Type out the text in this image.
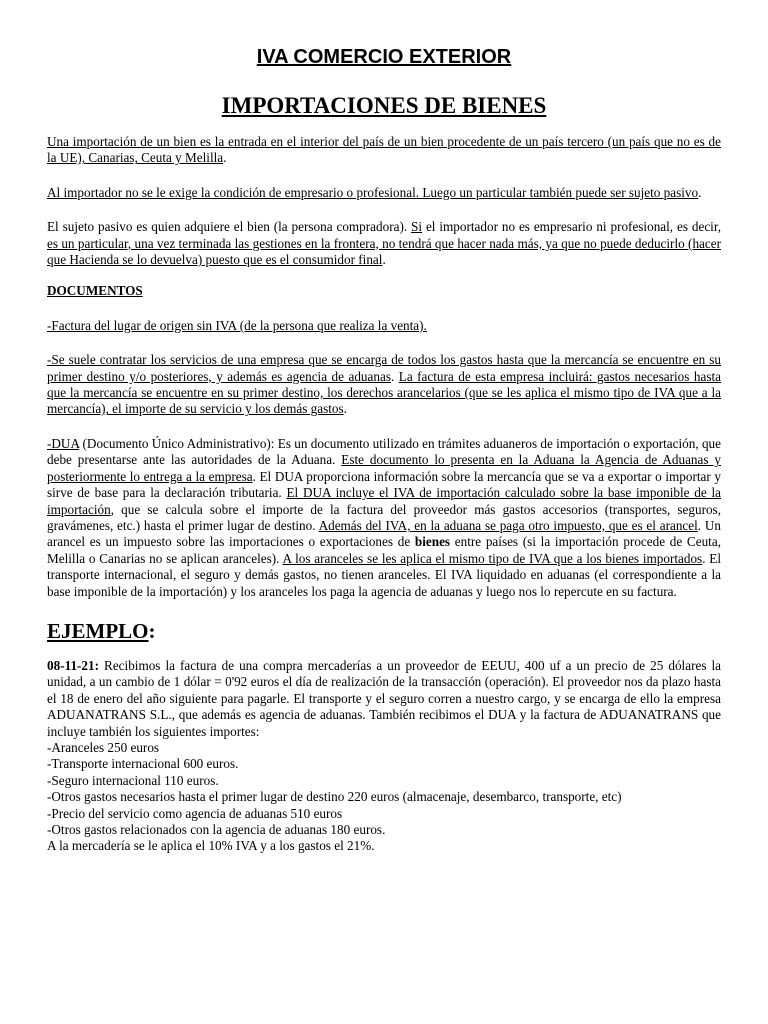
IVA COMERCIO EXTERIOR
IMPORTACIONES DE BIENES

Una importación de un bien es la entrada en el interior del país de un bien procedente de un país tercero (un país que no es de la UE), Canarias, Ceuta y Melilla.

Al importador no se le exige la condición de empresario o profesional. Luego un particular también puede ser sujeto pasivo.

El sujeto pasivo es quien adquiere el bien (la persona compradora). Si el importador no es empresario ni profesional, es decir, es un particular, una vez terminada las gestiones en la frontera, no tendrá que hacer nada más, ya que no puede deducirlo (hacer que Hacienda se lo devuelva) puesto que es el consumidor final.

DOCUMENTOS

-Factura del lugar de origen sin IVA (de la persona que realiza la venta).

-Se suele contratar los servicios de una empresa que se encarga de todos los gastos hasta que la mercancía se encuentre en su primer destino y/o posteriores, y además es agencia de aduanas. La factura de esta empresa incluirá: gastos necesarios hasta que la mercancía se encuentre en su primer destino, los derechos arancelarios (que se les aplica el mismo tipo de IVA que a la mercancía), el importe de su servicio y los demás gastos.

-DUA (Documento Único Administrativo): Es un documento utilizado en trámites aduaneros de importación o exportación, que debe presentarse ante las autoridades de la Aduana. Este documento lo presenta en la Aduana la Agencia de Aduanas y posteriormente lo entrega a la empresa. El DUA proporciona información sobre la mercancía que se va a exportar o importar y sirve de base para la declaración tributaria. El DUA incluye el IVA de importación calculado sobre la base imponible de la importación, que se calcula sobre el importe de la factura del proveedor más gastos accesorios (transportes, seguros, gravámenes, etc.) hasta el primer lugar de destino. Además del IVA, en la aduana se paga otro impuesto, que es el arancel. Un arancel es un impuesto sobre las importaciones o exportaciones de bienes entre países (si la importación procede de Ceuta, Melilla o Canarias no se aplican aranceles). A los aranceles se les aplica el mismo tipo de IVA que a los bienes importados. El transporte internacional, el seguro y demás gastos, no tienen aranceles. El IVA liquidado en aduanas (el correspondiente a la base imponible de la importación) y los aranceles los paga la agencia de aduanas y luego nos lo repercute en su factura.

EJEMPLO:

08-11-21: Recibimos la factura de una compra mercaderías a un proveedor de EEUU, 400 uf a un precio de 25 dólares la unidad, a un cambio de 1 dólar = 0'92 euros el día de realización de la transacción (operación). El proveedor nos da plazo hasta el 18 de enero del año siguiente para pagarle. El transporte y el seguro corren a nuestro cargo, y se encarga de ello la empresa ADUANATRANS S.L., que además es agencia de aduanas. También recibimos el DUA y la factura de ADUANATRANS que incluye también los siguientes importes:

-Aranceles 250 euros
-Transporte internacional 600 euros.
-Seguro internacional 110 euros.
-Otros gastos necesarios hasta el primer lugar de destino 220 euros (almacenaje, desembarco, transporte, etc)
-Precio del servicio como agencia de aduanas 510 euros
-Otros gastos relacionados con la agencia de aduanas 180 euros.
A la mercadería se le aplica el 10% IVA y a los gastos el 21%.
